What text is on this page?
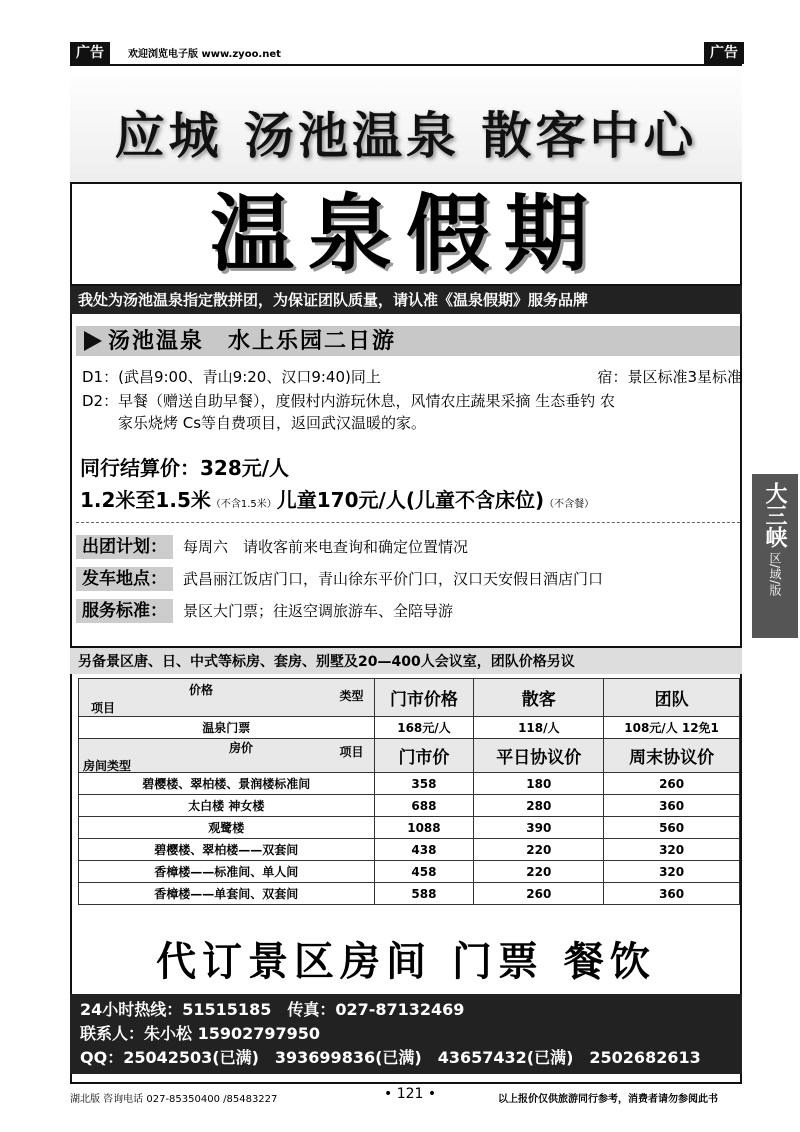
广告	欢迎浏览电子版 www.zyoo.net	广告
应城 汤池温泉 散客中心
温泉假期
我处为汤池温泉指定散拼团，为保证团队质量，请认准《温泉假期》服务品牌
汤池温泉　水上乐园二日游
D1：(武昌9:00、青山9:20、汉口9:40)同上	宿：景区标准3星标准
D2： 早餐（赠送自助早餐），度假村内游玩休息，风情农庄蔬果采摘 生态垂钓 农
家乐烧烤 Cs等自费项目，返回武汉温暖的家。
同行结算价：328元/人
1.2米至1.5米（不含1.5米）儿童170元/人(儿童不含床位)（不含餐）
出团计划： 每周六　请收客前来电查询和确定位置情况
发车地点： 武昌丽江饭店门口，青山徐东平价门口，汉口天安假日酒店门口
服务标准： 景区大门票；往返空调旅游车、全陪导游
大三峡
区/域/版
另备景区唐、日、中式等标房、套房、别墅及20—400人会议室，团队价格另议
价格 类型
项目	门市价格	散客	团队
温泉门票	168元/人	118/人	108元/人 12免1

房价 项目
房间类型	门市价	平日协议价	周末协议价
碧樱楼、翠柏楼、景润楼标准间	358	180	260
太白楼 神女楼	688	280	360
观鹭楼	1088	390	560
碧樱楼、翠柏楼——双套间	438	220	320
香樟楼——标准间、单人间	458	220	320
香樟楼——单套间、双套间	588	260	360
代订景区房间 门票 餐饮
24小时热线：51515185　传真：027-87132469
联系人：朱小松 15902797950
QQ：25042503(已满)　393699836(已满)　43657432(已满)　2502682613
湖北版 咨询电话 027-85350400 /85483227	• 121 •	以上报价仅供旅游同行参考，消费者请勿参阅此书
